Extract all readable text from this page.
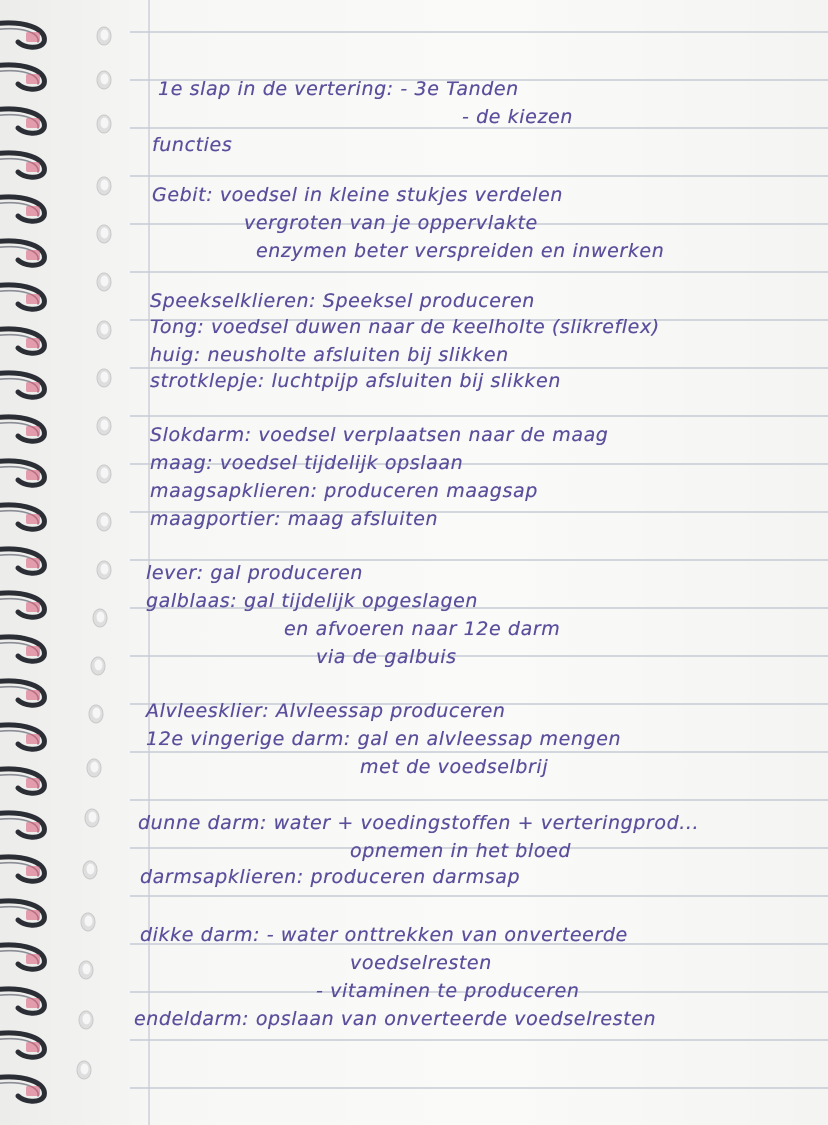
1e slap in de vertering: - 3e Tanden
- de kiezen
functies
Gebit: voedsel in kleine stukjes verdelen
vergroten van je oppervlakte
enzymen beter verspreiden en inwerken
Speekselklieren: Speeksel produceren
Tong: voedsel duwen naar de keelholte (slikreflex)
huig: neusholte afsluiten bij slikken
strotklepje: luchtpijp afsluiten bij slikken
Slokdarm: voedsel verplaatsen naar de maag
maag: voedsel tijdelijk opslaan
maagsapklieren: produceren maagsap
maagportier: maag afsluiten
lever: gal produceren
galblaas: gal tijdelijk opgeslagen
en afvoeren naar 12e darm
via de galbuis
Alvleesklier: Alvleessap produceren
12e vingerige darm: gal en alvleessap mengen
met de voedselbrij
dunne darm: water + voedingstoffen + verteringprod...
opnemen in het bloed
darmsapklieren: produceren darmsap
dikke darm: - water onttrekken van onverteerde
voedselresten
- vitaminen te produceren
endeldarm: opslaan van onverteerde voedselresten
